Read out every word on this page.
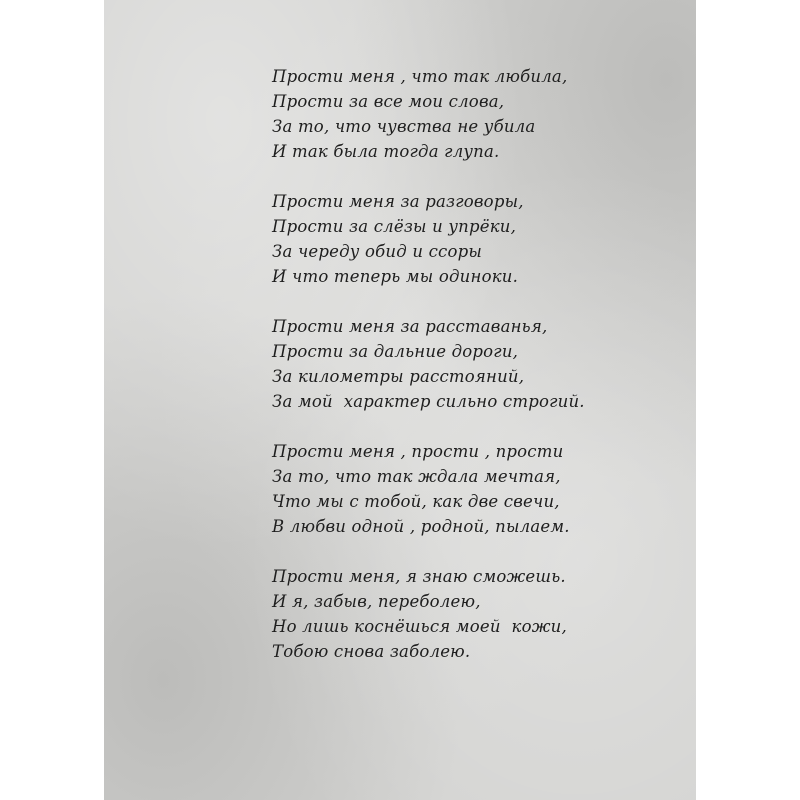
Прости меня , что так любила,
Прости за все мои слова,
За то, что чувства не убила
И так была тогда глупа.
Прости меня за разговоры,
Прости за слёзы и упрёки,
За череду обид и ссоры
И что теперь мы одиноки.
Прости меня за расставанья,
Прости за дальние дороги,
За километры расстояний,
За мой  характер сильно строгий.
Прости меня , прости , прости
За то, что так ждала мечтая,
Что мы с тобой, как две свечи,
В любви одной , родной, пылаем.
Прости меня, я знаю сможешь.
И я, забыв, переболею,
Но лишь коснёшься моей  кожи,
Тобою снова заболею.
